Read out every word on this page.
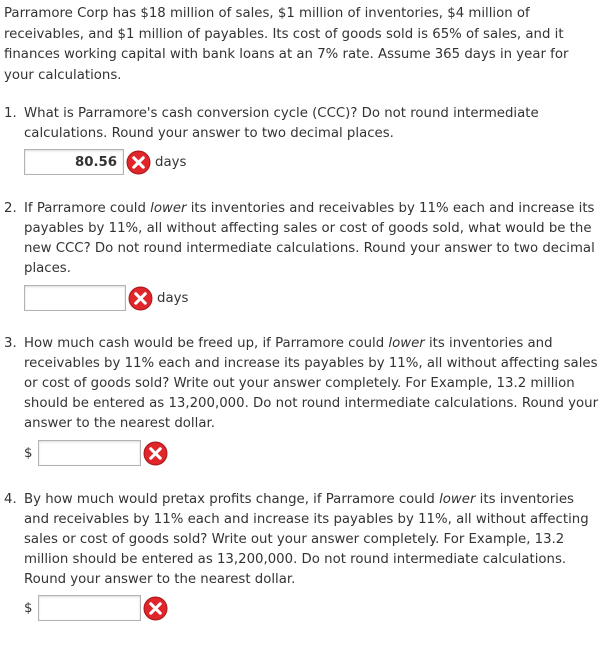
Parramore Corp has $18 million of sales, $1 million of inventories, $4 million of receivables, and $1 million of payables. Its cost of goods sold is 65% of sales, and it finances working capital with bank loans at an 7% rate. Assume 365 days in year for your calculations.

1. What is Parramore's cash conversion cycle (CCC)? Do not round intermediate calculations. Round your answer to two decimal places.
80.56
days
2. If Parramore could lower its inventories and receivables by 11% each and increase its payables by 11%, all without affecting sales or cost of goods sold, what would be the new CCC? Do not round intermediate calculations. Round your answer to two decimal places.
days
3. How much cash would be freed up, if Parramore could lower its inventories and receivables by 11% each and increase its payables by 11%, all without affecting sales or cost of goods sold? Write out your answer completely. For Example, 13.2 million should be entered as 13,200,000. Do not round intermediate calculations. Round your answer to the nearest dollar.
$
4. By how much would pretax profits change, if Parramore could lower its inventories and receivables by 11% each and increase its payables by 11%, all without affecting sales or cost of goods sold? Write out your answer completely. For Example, 13.2 million should be entered as 13,200,000. Do not round intermediate calculations. Round your answer to the nearest dollar.
$
